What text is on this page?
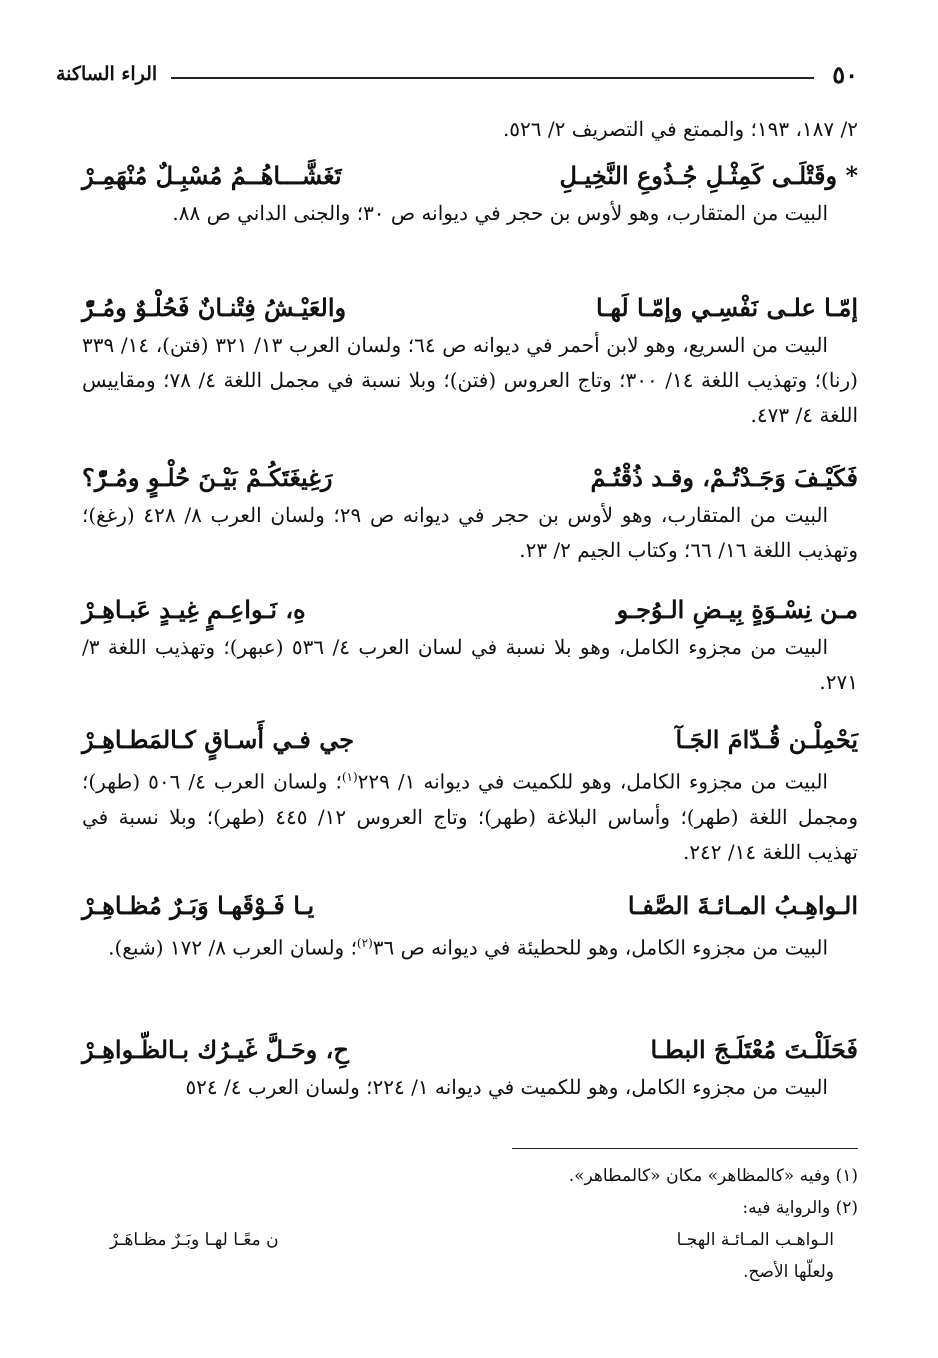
٥٠
الراء الساكنة

٢/ ١٨٧، ١٩٣؛ والممتع في التصريف ٢/ ٥٢٦.

* وقَتْلَـى كَمِثْـلِ جُـذُوعِ النَّخِيـلِ
تَغَشَّـــاهُــمُ مُسْبِـلٌ مُنْهَمِـرْ

البيت من المتقارب، وهو لأوس بن حجر في ديوانه ص ٣٠؛ والجنى الداني ص ٨٨.

إمّـا علـى نَفْسِـي وإمّـا لَهـا
والعَيْـشُ فِتْنـانٌ فَحُلْـوٌ ومُـرّْ

البيت من السريع، وهو لابن أحمر في ديوانه ص ٦٤؛ ولسان العرب ١٣/ ٣٢١ (فتن)، ١٤/ ٣٣٩ (رنا)؛ وتهذيب اللغة ١٤/ ٣٠٠؛ وتاج العروس (فتن)؛ وبلا نسبة في مجمل اللغة ٤/ ٧٨؛ ومقاييس اللغة ٤/ ٤٧٣.

فَكَيْـفَ وَجَـدْتُـمْ، وقـد ذُقْتُـمْ
رَغِيغَتَكُـمْ بَيْـنَ حُلْـوٍ ومُـرّْ؟

البيت من المتقارب، وهو لأوس بن حجر في ديوانه ص ٢٩؛ ولسان العرب ٨/ ٤٢٨ (رغغ)؛ وتهذيب اللغة ١٦/ ٦٦؛ وكتاب الجيم ٢/ ٢٣.

مـن نِسْـوَةٍ بِيـضِ الـوُجـو
هِ، نَـواعِـمٍ غِيـدٍ عَبـاهِـرْ

البيت من مجزوء الكامل، وهو بلا نسبة في لسان العرب ٤/ ٥٣٦ (عبهر)؛ وتهذيب اللغة ٣/ ٢٧١.

يَحْمِلْـن قُـدّامَ الجَـآ
جي فـي أَسـاقٍ كـالمَطـاهِـرْ

البيت من مجزوء الكامل، وهو للكميت في ديوانه ١/ ٢٢٩$^{(١)}$؛ ولسان العرب ٤/ ٥٠٦ (طهر)؛ ومجمل اللغة (طهر)؛ وأساس البلاغة (طهر)؛ وتاج العروس ١٢/ ٤٤٥ (طهر)؛ وبلا نسبة في تهذيب اللغة ١٤/ ٢٤٢.

الـواهِـبُ المـائـةَ الصَّفـا
يـا فَـوْقَهـا وَبَـرٌ مُظـاهِـرْ

البيت من مجزوء الكامل، وهو للحطيئة في ديوانه ص ٣٦$^{(٢)}$؛ ولسان العرب ٨/ ١٧٢ (شبع).

فَحَلَلْـتَ مُعْتَلَـجَ البطـا
حِ، وحَـلَّ غَيـرُك بـالظّـواهِـرْ

البيت من مجزوء الكامل، وهو للكميت في ديوانه ١/ ٢٢٤؛ ولسان العرب ٤/ ٥٢٤

(١) وفيه «كالمظاهر» مكان «كالمطاهر».
(٢) والرواية فيه:
الـواهـب المـائـة الهجـا
ن معًـا لهـا وبَـرٌ مظـاهَـرْ
ولعلّها الأصح.
